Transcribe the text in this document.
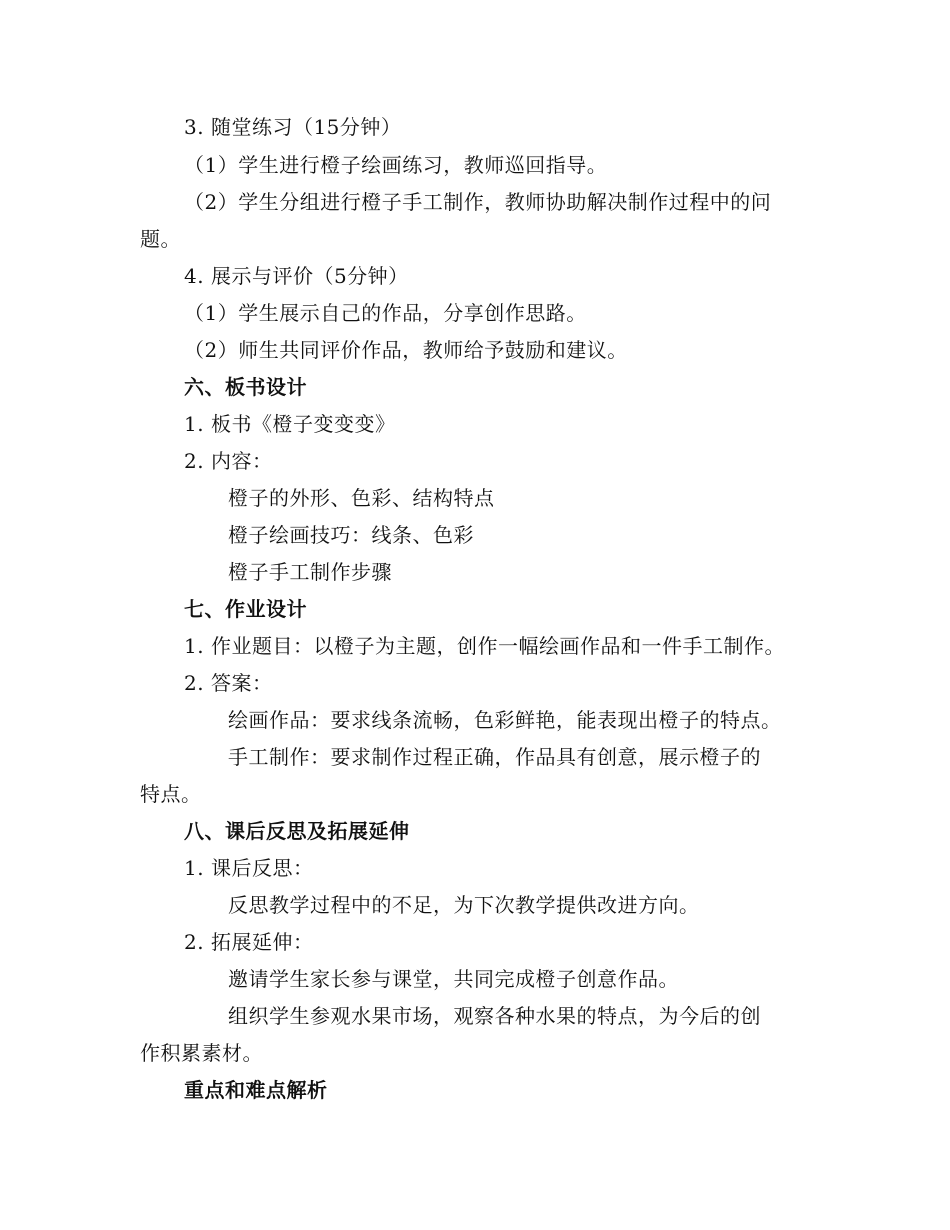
3. 随堂练习（15分钟）
（1）学生进行橙子绘画练习，教师巡回指导。
（2）学生分组进行橙子手工制作，教师协助解决制作过程中的问
题。
4. 展示与评价（5分钟）
（1）学生展示自己的作品，分享创作思路。
（2）师生共同评价作品，教师给予鼓励和建议。
六、板书设计
1. 板书《橙子变变变》
2. 内容：
橙子的外形、色彩、结构特点
橙子绘画技巧：线条、色彩
橙子手工制作步骤
七、作业设计
1. 作业题目：以橙子为主题，创作一幅绘画作品和一件手工制作。
2. 答案：
绘画作品：要求线条流畅，色彩鲜艳，能表现出橙子的特点。
手工制作：要求制作过程正确，作品具有创意，展示橙子的
特点。
八、课后反思及拓展延伸
1. 课后反思：
反思教学过程中的不足，为下次教学提供改进方向。
2. 拓展延伸：
邀请学生家长参与课堂，共同完成橙子创意作品。
组织学生参观水果市场，观察各种水果的特点，为今后的创
作积累素材。
重点和难点解析
